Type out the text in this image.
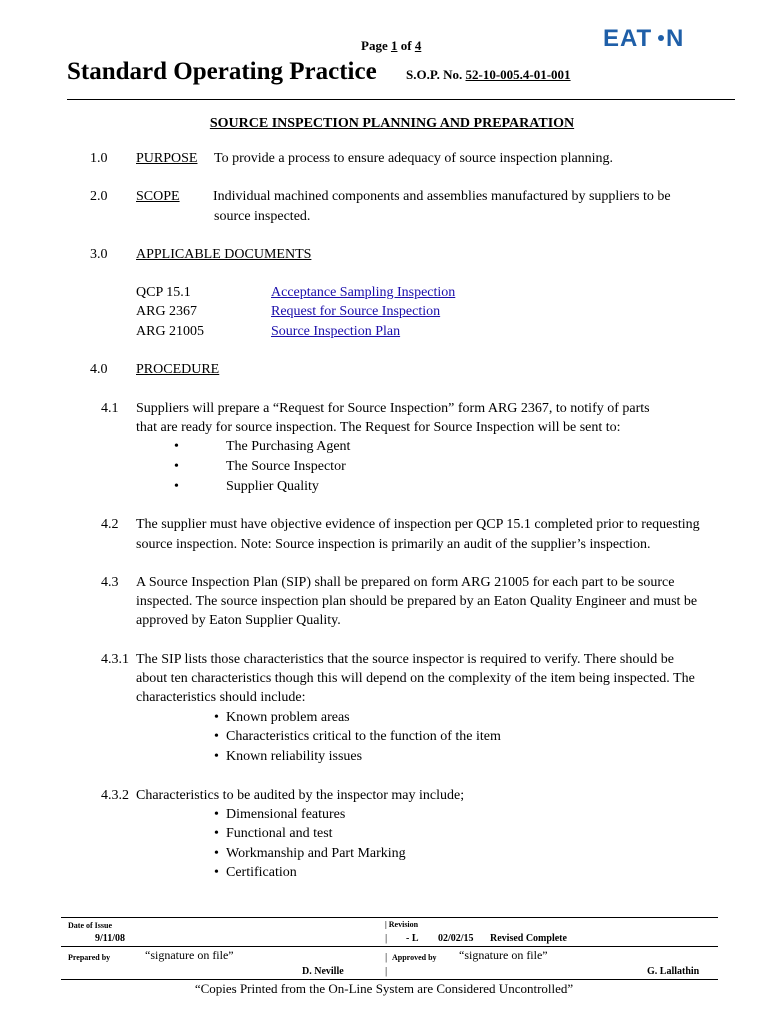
Page 1 of 4	EAT N
Standard Operating Practice S.O.P. No. 52-10-005.4-01-001
SOURCE INSPECTION PLANNING AND PREPARATION
1.0 PURPOSE To provide a process to ensure adequacy of source inspection planning.
2.0 SCOPE Individual machined components and assemblies manufactured by suppliers to be
source inspected.
3.0 APPLICABLE DOCUMENTS
QCP 15.1	Acceptance Sampling Inspection
ARG 2367	Request for Source Inspection
ARG 21005	Source Inspection Plan
4.0 PROCEDURE
4.1 Suppliers will prepare a “Request for Source Inspection” form ARG 2367, to notify of parts
that are ready for source inspection. The Request for Source Inspection will be sent to:
•	The Purchasing Agent
•	The Source Inspector
•	Supplier Quality
4.2 The supplier must have objective evidence of inspection per QCP 15.1 completed prior to requesting
source inspection. Note: Source inspection is primarily an audit of the supplier’s inspection.
4.3 A Source Inspection Plan (SIP) shall be prepared on form ARG 21005 for each part to be source
inspected. The source inspection plan should be prepared by an Eaton Quality Engineer and must be
approved by Eaton Supplier Quality.
4.3.1 The SIP lists those characteristics that the source inspector is required to verify. There should be
about ten characteristics though this will depend on the complexity of the item being inspected. The
characteristics should include:
• Known problem areas
• Characteristics critical to the function of the item
• Known reliability issues
4.3.2 Characteristics to be audited by the inspector may include;
• Dimensional features
• Functional and test
• Workmanship and Part Marking
• Certification
Date of Issue	| Revision
9/11/08	| - L 02/02/15 Revised Complete
Prepared by	“signature on file”	| Approved by “signature on file”
D. Neville	|	G. Lallathin
“Copies Printed from the On-Line System are Considered Uncontrolled”
